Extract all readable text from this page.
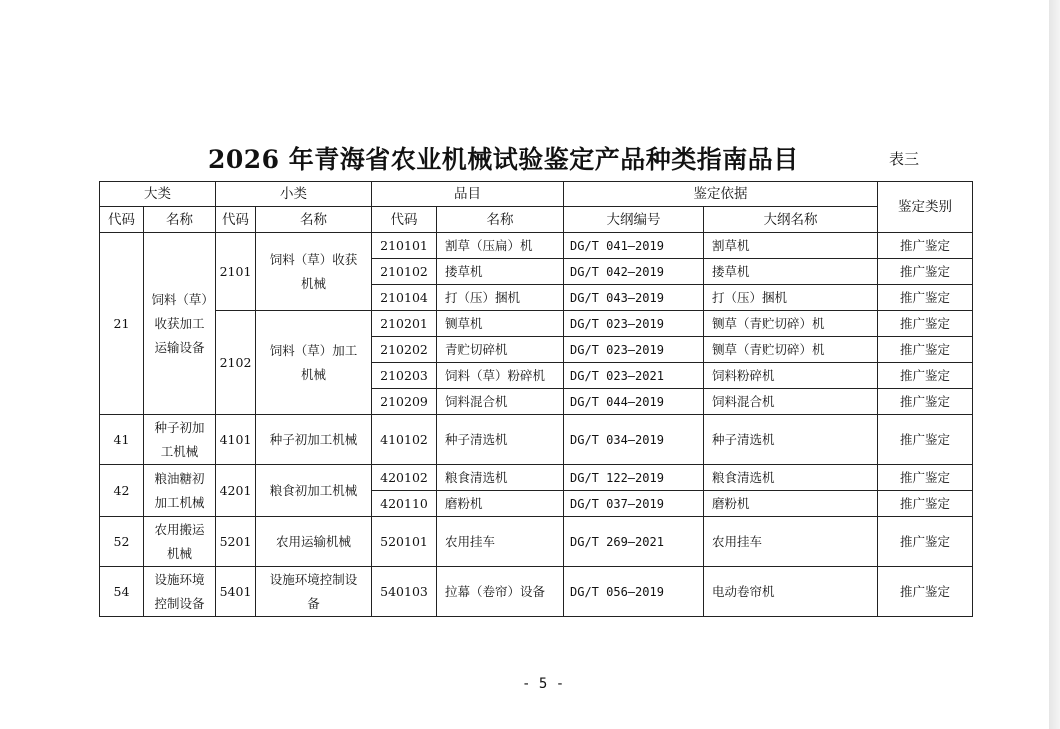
2026 年青海省农业机械试验鉴定产品种类指南品目	表三
大类		小类		品目		鉴定依据		鉴定类别
代码	名称	代码	名称	代码	名称	大纲编号	大纲名称	
21	饲料（草）收获加工运输设备	2101	饲料（草）收获机械	210101	割草（压扁）机	DG/T 041—2019	割草机	推广鉴定
				210102	搂草机	DG/T 042—2019	搂草机	推广鉴定
				210104	打（压）捆机	DG/T 043—2019	打（压）捆机	推广鉴定
		2102	饲料（草）加工机械	210201	铡草机	DG/T 023—2019	铡草（青贮切碎）机	推广鉴定
				210202	青贮切碎机	DG/T 023—2019	铡草（青贮切碎）机	推广鉴定
				210203	饲料（草）粉碎机	DG/T 023—2021	饲料粉碎机	推广鉴定
				210209	饲料混合机	DG/T 044—2019	饲料混合机	推广鉴定
41	种子初加工机械	4101	种子初加工机械	410102	种子清选机	DG/T 034—2019	种子清选机	推广鉴定
42	粮油糖初加工机械	4201	粮食初加工机械	420102	粮食清选机	DG/T 122—2019	粮食清选机	推广鉴定
				420110	磨粉机	DG/T 037—2019	磨粉机	推广鉴定
52	农用搬运机械	5201	农用运输机械	520101	农用挂车	DG/T 269—2021	农用挂车	推广鉴定
54	设施环境控制设备	5401	设施环境控制设备	540103	拉幕（卷帘）设备	DG/T 056—2019	电动卷帘机	推广鉴定
- 5 -
